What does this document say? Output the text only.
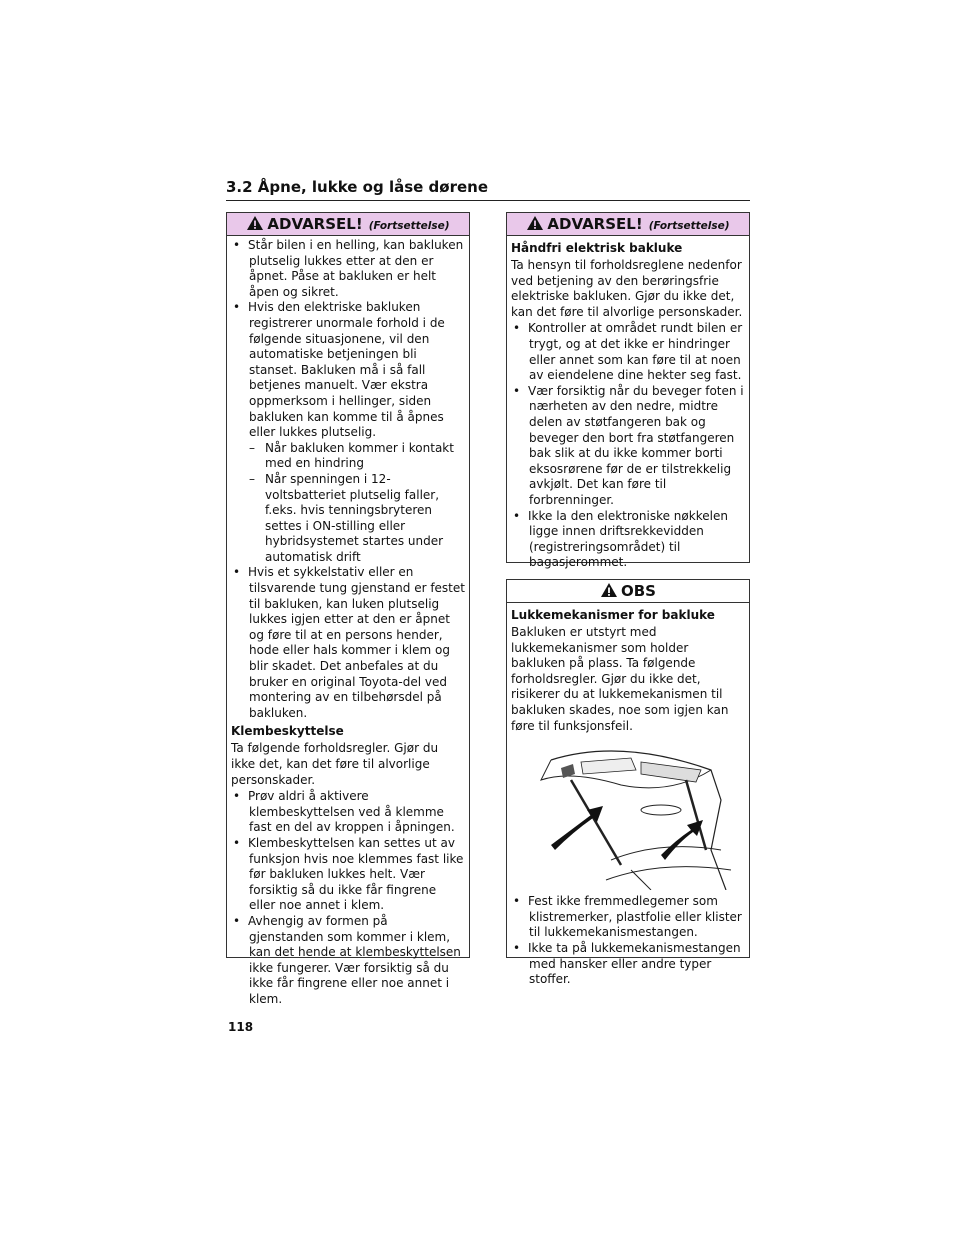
3.2 Åpne, lukke og låse dørene
ADVARSEL! (Fortsettelse)
• Står bilen i en helling, kan bakluken plutselig lukkes etter at den er åpnet. Påse at bakluken er helt åpen og sikret.
• Hvis den elektriske bakluken registrerer unormale forhold i de følgende situasjonene, vil den automatiske betjeningen bli stanset. Bakluken må i så fall betjenes manuelt. Vær ekstra oppmerksom i hellinger, siden bakluken kan komme til å åpnes eller lukkes plutselig.
– Når bakluken kommer i kontakt med en hindring
– Når spenningen i 12-voltsbatteriet plutselig faller, f.eks. hvis tenningsbryteren settes i ON-stilling eller hybridsystemet startes under automatisk drift
• Hvis et sykkelstativ eller en tilsvarende tung gjenstand er festet til bakluken, kan luken plutselig lukkes igjen etter at den er åpnet og føre til at en persons hender, hode eller hals kommer i klem og blir skadet. Det anbefales at du bruker en original Toyota-del ved montering av en tilbehørsdel på bakluken.
Klembeskyttelse

Ta følgende forholdsregler. Gjør du ikke det, kan det føre til alvorlige personskader.

• Prøv aldri å aktivere klembeskyttelsen ved å klemme fast en del av kroppen i åpningen.
• Klembeskyttelsen kan settes ut av funksjon hvis noe klemmes fast like før bakluken lukkes helt. Vær forsiktig så du ikke får fingrene eller noe annet i klem.
• Avhengig av formen på gjenstanden som kommer i klem, kan det hende at klembeskyttelsen ikke fungerer. Vær forsiktig så du ikke får fingrene eller noe annet i klem.
ADVARSEL! (Fortsettelse)
Håndfri elektrisk bakluke

Ta hensyn til forholdsreglene nedenfor ved betjening av den berøringsfrie elektriske bakluken. Gjør du ikke det, kan det føre til alvorlige personskader.

• Kontroller at området rundt bilen er trygt, og at det ikke er hindringer eller annet som kan føre til at noen av eiendelene dine hekter seg fast.
• Vær forsiktig når du beveger foten i nærheten av den nedre, midtre delen av støtfangeren bak og beveger den bort fra støtfangeren bak slik at du ikke kommer borti eksosrørene før de er tilstrekkelig avkjølt. Det kan føre til forbrenninger.
• Ikke la den elektroniske nøkkelen ligge innen driftsrekkevidden (registreringsområdet) til bagasjerommet.
OBS
Lukkemekanismer for bakluke

Bakluken er utstyrt med lukkemekanismer som holder bakluken på plass. Ta følgende forholdsregler. Gjør du ikke det, risikerer du at lukkemekanismen til bakluken skades, noe som igjen kan føre til funksjonsfeil.

• Fest ikke fremmedlegemer som klistremerker, plastfolie eller klister til lukkemekanismestangen.
• Ikke ta på lukkemekanismestangen med hansker eller andre typer stoffer.
118
